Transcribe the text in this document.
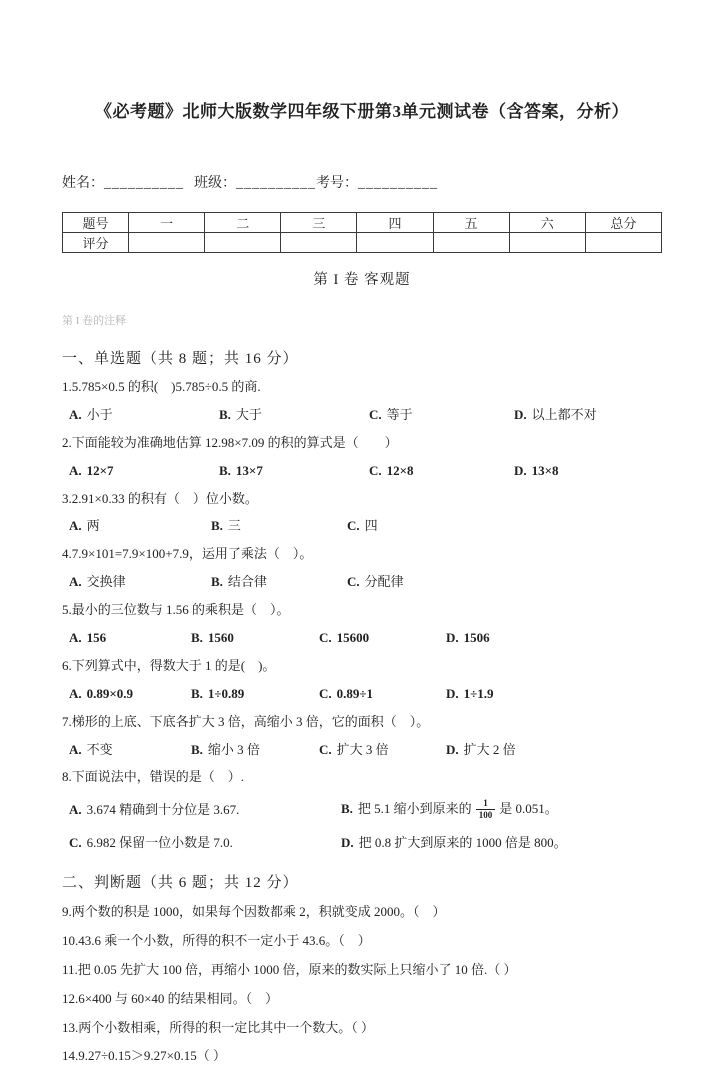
《必考题》北师大版数学四年级下册第3单元测试卷（含答案，分析）
姓名：__________ 班级：__________考号：__________
题号	一	二	三	四	五	六	总分
评分							
第 I 卷 客观题
第 I 卷的注释
一、单选题（共 8 题；共 16 分）
1.5.785×0.5 的积(　)5.785÷0.5 的商.
A. 小于	B. 大于	C. 等于	D. 以上都不对
2.下面能较为准确地估算 12.98×7.09 的积的算式是（　　）
A. 12×7	B. 13×7	C. 12×8	D. 13×8
3.2.91×0.33 的积有（　）位小数。
A. 两	B. 三	C. 四
4.7.9×101=7.9×100+7.9，运用了乘法（　）。
A. 交换律	B. 结合律	C. 分配律
5.最小的三位数与 1.56 的乘积是（　）。
A. 156	B. 1560	C. 15600	D. 1506
6.下列算式中，得数大于 1 的是(　)。
A. 0.89×0.9	B. 1÷0.89	C. 0.89÷1	D. 1÷1.9
7.梯形的上底、下底各扩大 3 倍，高缩小 3 倍，它的面积（　）。
A. 不变	B. 缩小 3 倍	C. 扩大 3 倍	D. 扩大 2 倍
8.下面说法中，错误的是（　）.
A. 3.674 精确到十分位是 3.67.	B. 把 5.1 缩小到原来的 $\frac{1}{100}$ 是 0.051。
C. 6.982 保留一位小数是 7.0.	D. 把 0.8 扩大到原来的 1000 倍是 800。
二、判断题（共 6 题；共 12 分）
9.两个数的积是 1000，如果每个因数都乘 2，积就变成 2000。（　）
10.43.6 乘一个小数，所得的积不一定小于 43.6。（　）
11.把 0.05 先扩大 100 倍，再缩小 1000 倍，原来的数实际上只缩小了 10 倍.（ ）
12.6×400 与 60×40 的结果相同。（　）
13.两个小数相乘，所得的积一定比其中一个数大。（ ）
14.9.27÷0.15＞9.27×0.15（ ）
